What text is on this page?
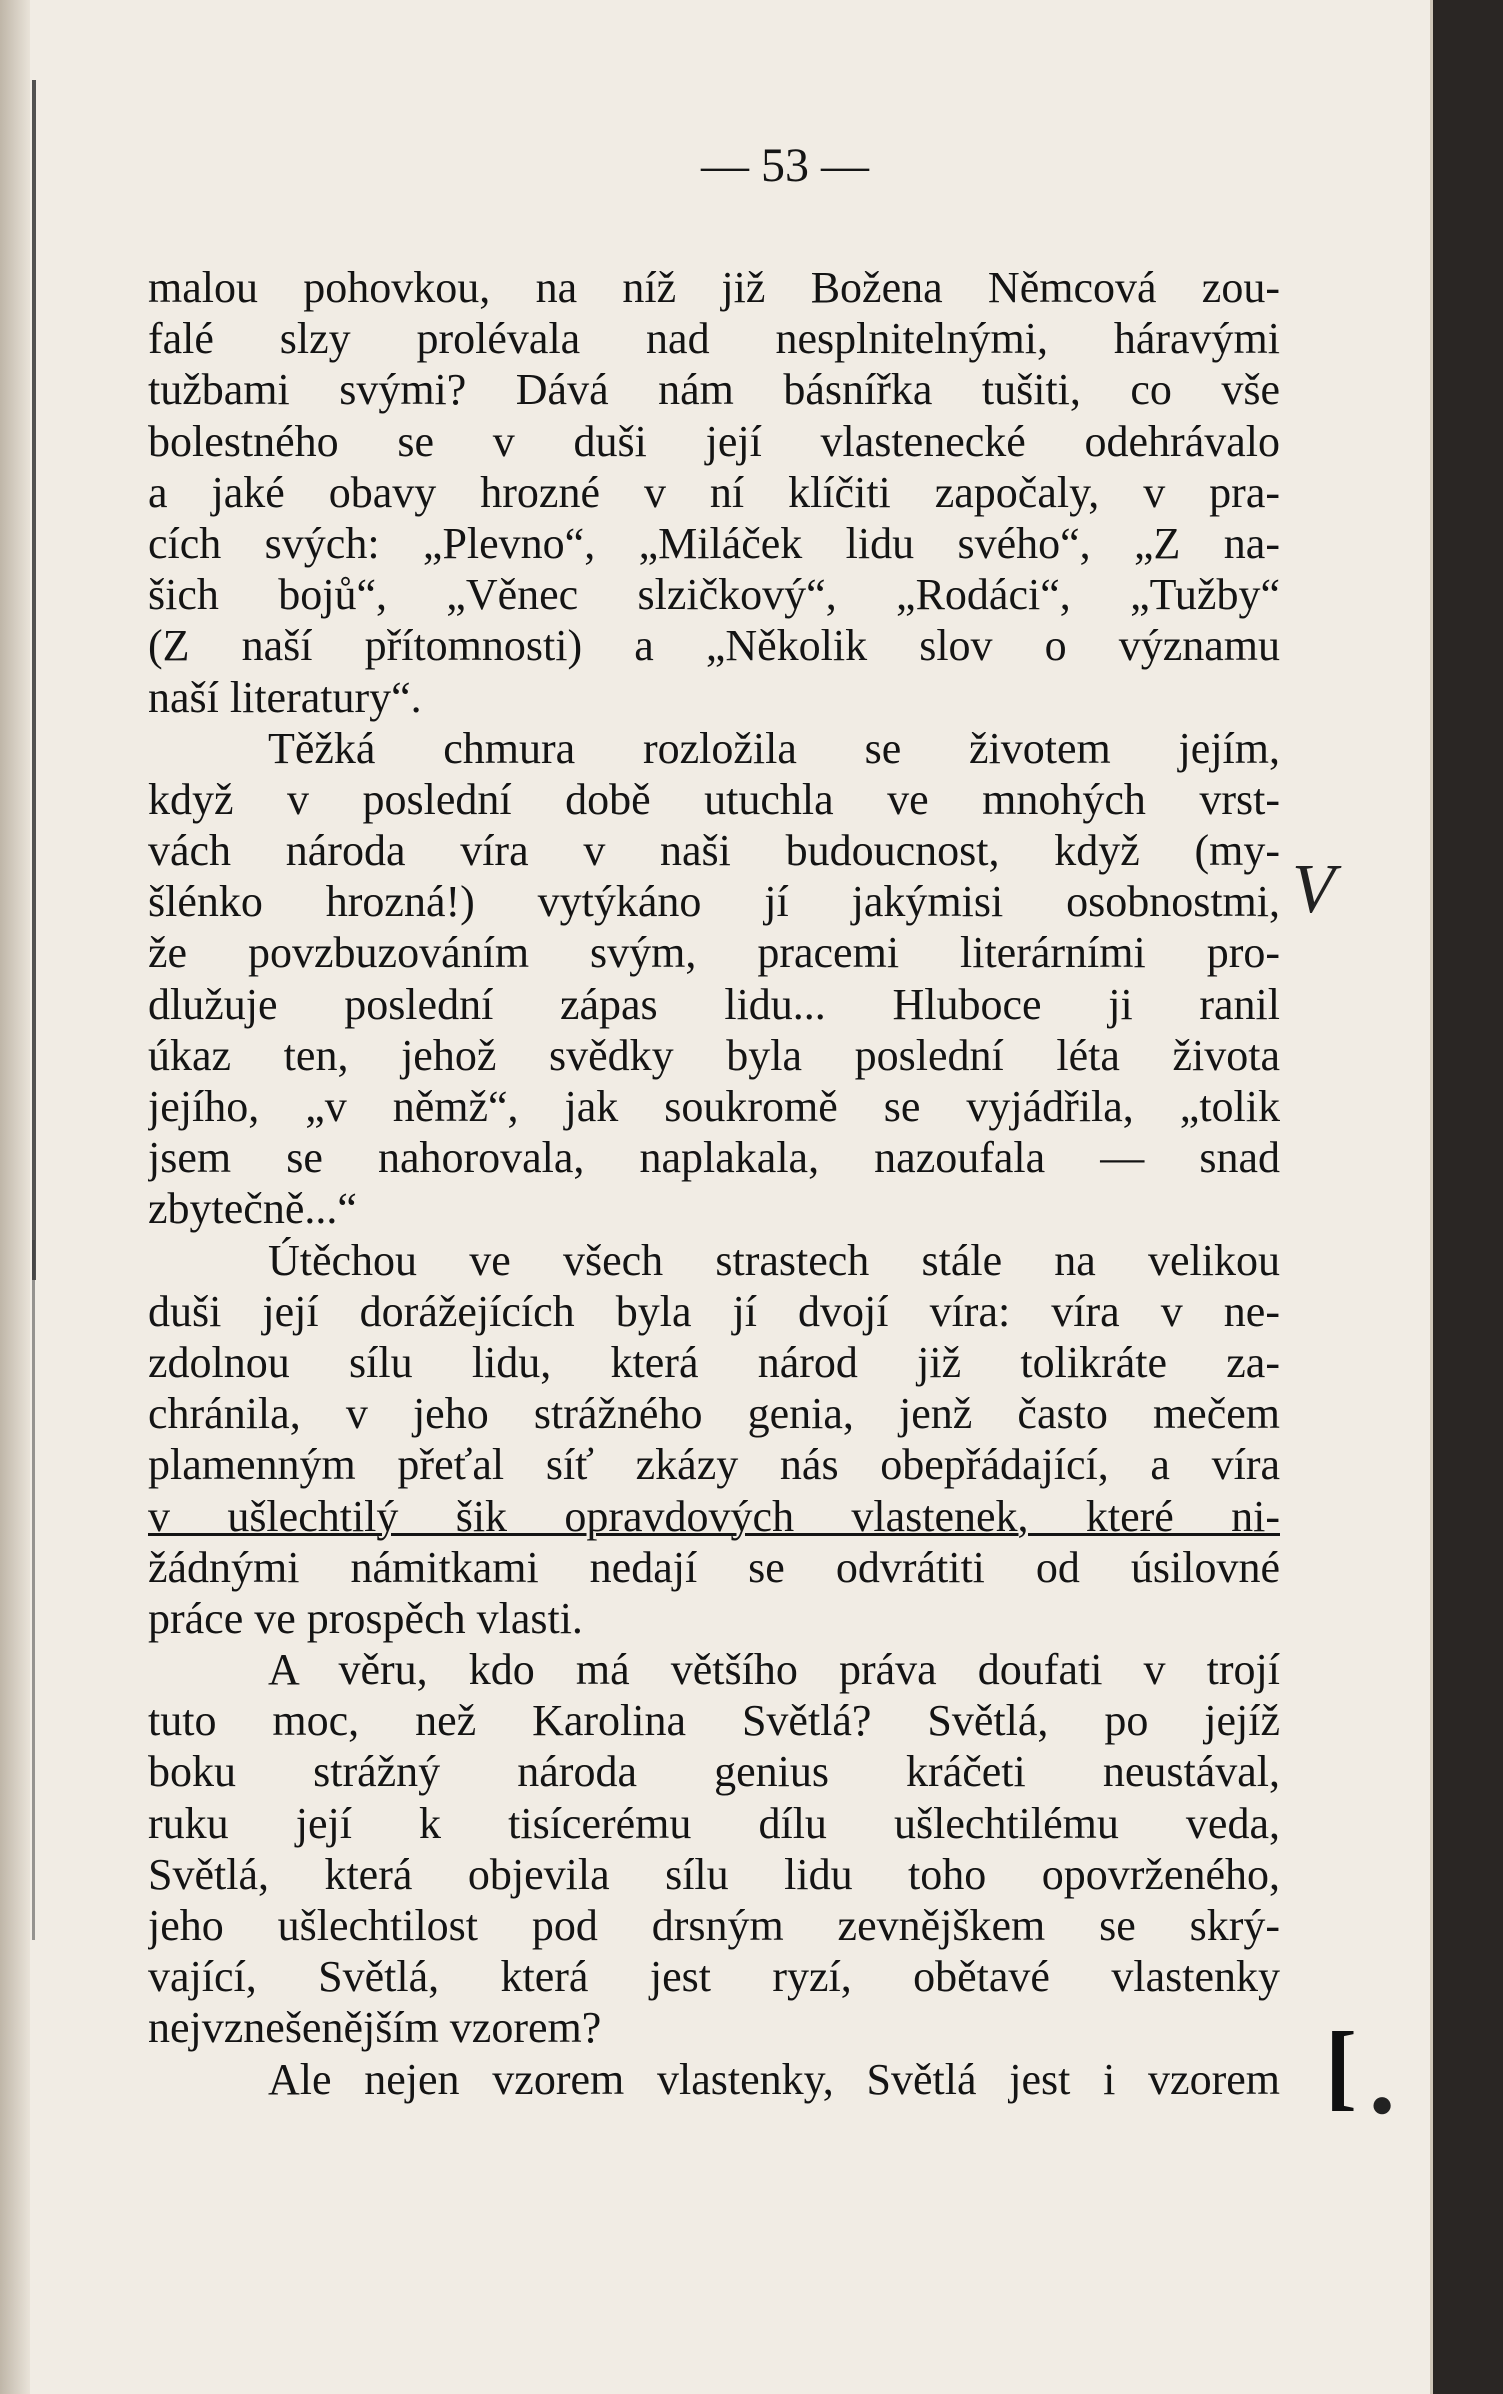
— 53 —
malou pohovkou, na níž již Božena Němcová zou-
falé slzy prolévala nad nesplnitelnými, háravými
tužbami svými? Dává nám básnířka tušiti, co vše
bolestného se v duši její vlastenecké odehrávalo
a jaké obavy hrozné v ní klíčiti započaly, v pra-
cích svých: „Plevno“, „Miláček lidu svého“, „Z na-
šich bojů“, „Věnec slzičkový“, „Rodáci“, „Tužby“
(Z naší přítomnosti) a „Několik slov o významu
naší literatury“.
Těžká chmura rozložila se životem jejím,
když v poslední době utuchla ve mnohých vrst-
vách národa víra v naši budoucnost, když (my-
šlénko hrozná!) vytýkáno jí jakýmisi osobnostmi,
že povzbuzováním svým, pracemi literárními pro-
dlužuje poslední zápas lidu... Hluboce ji ranil
úkaz ten, jehož svědky byla poslední léta života
jejího, „v němž“, jak soukromě se vyjádřila, „tolik
jsem se nahorovala, naplakala, nazoufala — snad
zbytečně...“
Útěchou ve všech strastech stále na velikou
duši její dorážejících byla jí dvojí víra: víra v ne-
zdolnou sílu lidu, která národ již tolikráte za-
chránila, v jeho strážného genia, jenž často mečem
plamenným přeťal síť zkázy nás obepřádající, a víra
v ušlechtilý šik opravdových vlastenek, které ni-
žádnými námitkami nedají se odvrátiti od úsilovné
práce ve prospěch vlasti.
A věru, kdo má většího práva doufati v trojí
tuto moc, než Karolina Světlá? Světlá, po jejíž
boku strážný národa genius kráčeti neustával,
ruku její k tisícerému dílu ušlechtilému veda,
Světlá, která objevila sílu lidu toho opovrženého,
jeho ušlechtilost pod drsným zevnějškem se skrý-
vající, Světlá, která jest ryzí, obětavé vlastenky
nejvznešenějším vzorem?
Ale nejen vzorem vlastenky, Světlá jest i vzorem
V
[ ●
